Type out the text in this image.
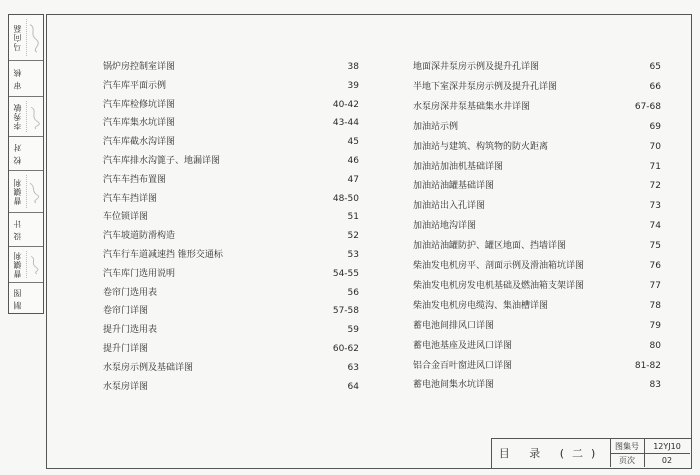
马向磊
审 核
李秀敏
校 对
曹骧利
设 计
曹骧利
制 图
锅炉房控制室详图	38
汽车库平面示例	39
汽车库检修坑详图	40-42
汽车库集水坑详图	43-44
汽车库截水沟详图	45
汽车库排水沟篦子、地漏详图	46
汽车车挡布置图	47
汽车车挡详图	48-50
车位锁详图	51
汽车坡道防滑构造	52
汽车行车道减速挡 锥形交通标	53
汽车库门选用说明	54-55
卷帘门选用表	56
卷帘门详图	57-58
提升门选用表	59
提升门详图	60-62
水泵房示例及基础详图	63
水泵房详图	64
地面深井泵房示例及提升孔详图	65
半地下室深井泵房示例及提升孔详图	66
水泵房深井泵基础集水井详图	67-68
加油站示例	69
加油站与建筑、构筑物的防火距离	70
加油站加油机基础详图	71
加油站油罐基础详图	72
加油站出入孔详图	73
加油站地沟详图	74
加油站油罐防护、罐区地面、挡墙详图	75
柴油发电机房平、剖面示例及滑油箱坑详图	76
柴油发电机房发电机基础及燃油箱支架详图	77
柴油发电机房电缆沟、集油槽详图	78
蓄电池间排风口详图	79
蓄电池基座及进风口详图	80
铝合金百叶窗进风口详图	81-82
蓄电池间集水坑详图	83
目 录 (二)
图集号	12YJ10
页次	02
